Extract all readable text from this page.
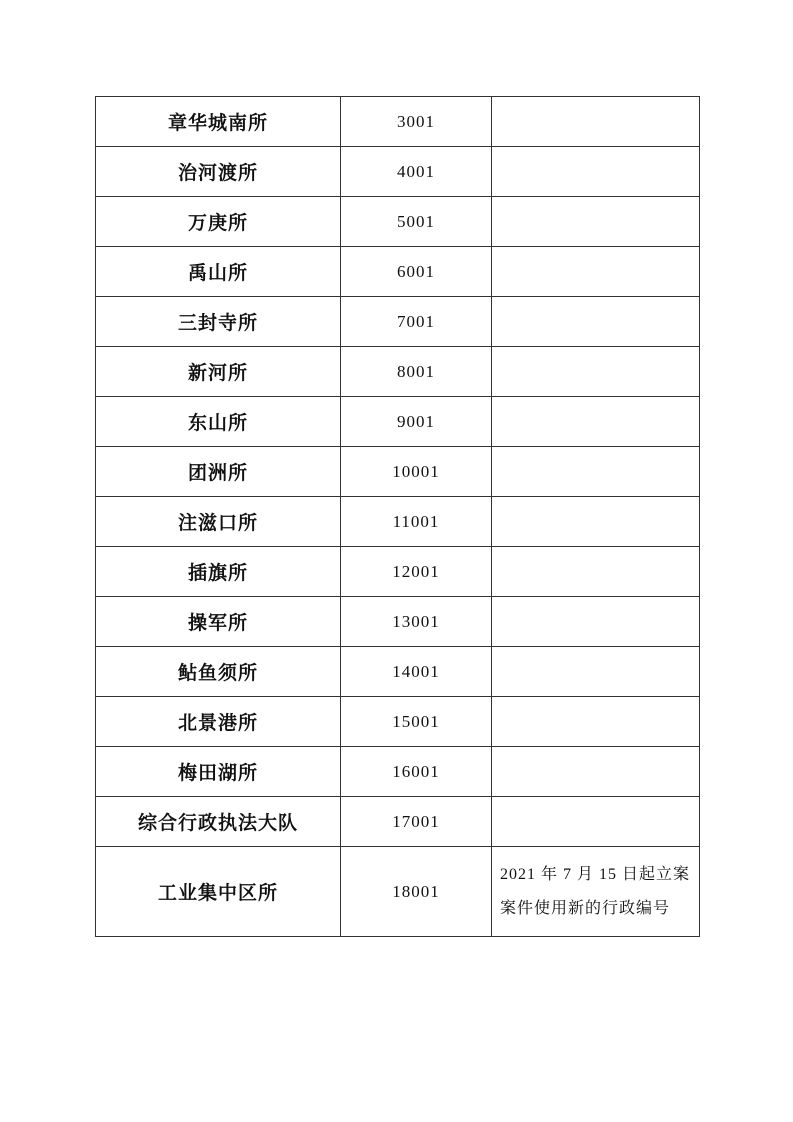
章华城南所	3001	
治河渡所	4001	
万庚所	5001	
禹山所	6001	
三封寺所	7001	
新河所	8001	
东山所	9001	
团洲所	10001	
注滋口所	11001	
插旗所	12001	
操军所	13001	
鲇鱼须所	14001	
北景港所	15001	
梅田湖所	16001	
综合行政执法大队	17001	
工业集中区所	18001	2021 年 7 月 15 日起立案
案件使用新的行政编号
